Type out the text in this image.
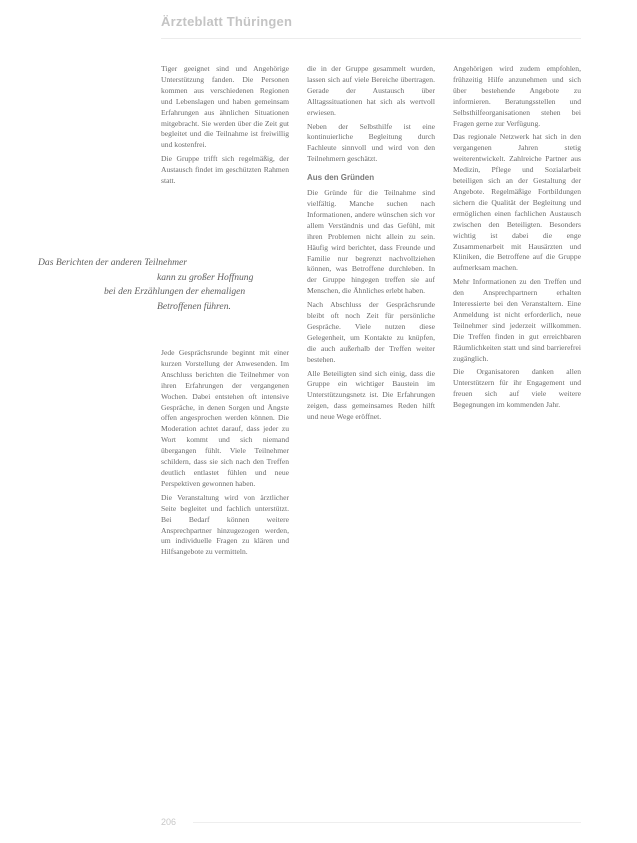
Ärzteblatt Thüringen

Tiger geeignet sind und Angehörige Unterstützung fanden. Die Personen kommen aus verschiedenen Regionen und Lebenslagen und haben gemeinsam Erfahrungen aus ähnlichen Situationen mitgebracht. Sie werden über die Zeit gut begleitet und die Teilnahme ist freiwillig und kostenfrei.

Die Gruppe trifft sich regelmäßig, der Austausch findet im geschützten Rahmen statt.

Das Berichten der anderen Teilnehmer
kann zu großer Hoffnung
bei den Erzählungen der ehemaligen
Betroffenen führen.

Jede Gesprächsrunde beginnt mit einer kurzen Vorstellung der Anwesenden. Im Anschluss berichten die Teilnehmer von ihren Erfahrungen der vergangenen Wochen. Dabei entstehen oft intensive Gespräche, in denen Sorgen und Ängste offen angesprochen werden können. Die Moderation achtet darauf, dass jeder zu Wort kommt und sich niemand übergangen fühlt. Viele Teilnehmer schildern, dass sie sich nach den Treffen deutlich entlastet fühlen und neue Perspektiven gewonnen haben.

Die Veranstaltung wird von ärztlicher Seite begleitet und fachlich unterstützt. Bei Bedarf können weitere Ansprechpartner hinzugezogen werden, um individuelle Fragen zu klären und Hilfsangebote zu vermitteln.

die in der Gruppe gesammelt wurden, lassen sich auf viele Bereiche übertragen. Gerade der Austausch über Alltagssituationen hat sich als wertvoll erwiesen.

Neben der Selbsthilfe ist eine kontinuierliche Begleitung durch Fachleute sinnvoll und wird von den Teilnehmern geschätzt.

Aus den Gründen

Die Gründe für die Teilnahme sind vielfältig. Manche suchen nach Informationen, andere wünschen sich vor allem Verständnis und das Gefühl, mit ihren Problemen nicht allein zu sein. Häufig wird berichtet, dass Freunde und Familie nur begrenzt nachvollziehen können, was Betroffene durchleben. In der Gruppe hingegen treffen sie auf Menschen, die Ähnliches erlebt haben.

Nach Abschluss der Gesprächsrunde bleibt oft noch Zeit für persönliche Gespräche. Viele nutzen diese Gelegenheit, um Kontakte zu knüpfen, die auch außerhalb der Treffen weiter bestehen.

Alle Beteiligten sind sich einig, dass die Gruppe ein wichtiger Baustein im Unterstützungsnetz ist. Die Erfahrungen zeigen, dass gemeinsames Reden hilft und neue Wege eröffnet.

Angehörigen wird zudem empfohlen, frühzeitig Hilfe anzunehmen und sich über bestehende Angebote zu informieren. Beratungsstellen und Selbsthilfeorganisationen stehen bei Fragen gerne zur Verfügung.

Das regionale Netzwerk hat sich in den vergangenen Jahren stetig weiterentwickelt. Zahlreiche Partner aus Medizin, Pflege und Sozialarbeit beteiligen sich an der Gestaltung der Angebote. Regelmäßige Fortbildungen sichern die Qualität der Begleitung und ermöglichen einen fachlichen Austausch zwischen den Beteiligten. Besonders wichtig ist dabei die enge Zusammenarbeit mit Hausärzten und Kliniken, die Betroffene auf die Gruppe aufmerksam machen.

Mehr Informationen zu den Treffen und den Ansprechpartnern erhalten Interessierte bei den Veranstaltern. Eine Anmeldung ist nicht erforderlich, neue Teilnehmer sind jederzeit willkommen. Die Treffen finden in gut erreichbaren Räumlichkeiten statt und sind barrierefrei zugänglich.

Die Organisatoren danken allen Unterstützern für ihr Engagement und freuen sich auf viele weitere Begegnungen im kommenden Jahr.

206
